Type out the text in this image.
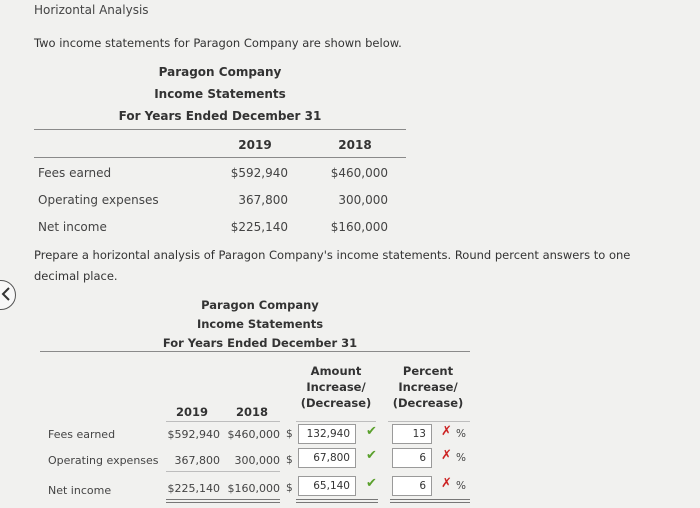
Horizontal Analysis
Two income statements for Paragon Company are shown below.
Paragon Company
Income Statements
For Years Ended December 31
2019	2018
Fees earned	$592,940	$460,000
Operating expenses	367,800	300,000
Net income	$225,140	$160,000
Prepare a horizontal analysis of Paragon Company's income statements. Round percent answers to one decimal place.
Paragon Company
Income Statements
For Years Ended December 31
Amount
Increase/
(Decrease)
Percent
Increase/
(Decrease)
2019	2018
Fees earned	$592,940 $460,000 $	132,940	✔	13	✗ %
Operating expenses	367,800	300,000 $	67,800	✔	6	✗ %
Net income	$225,140 $160,000 $	65,140	✔	6	✗ %
